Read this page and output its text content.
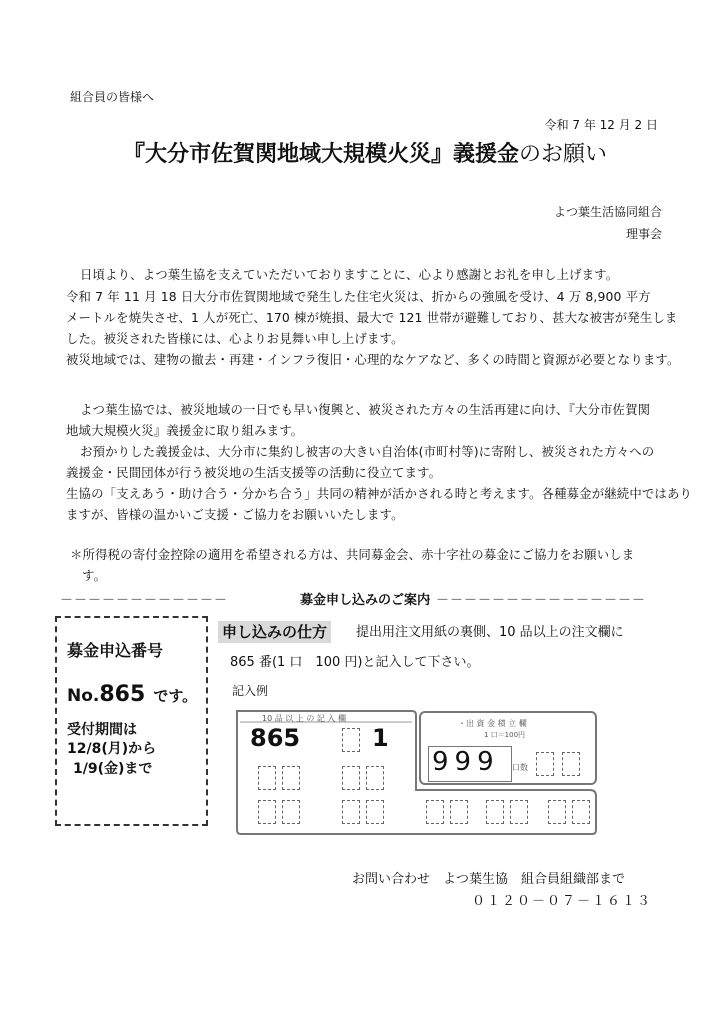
組合員の皆様へ
令和 7 年 12 月 2 日
『大分市佐賀関地域大規模火災』義援金のお願い
よつ葉生活協同組合
理事会
日頃より、よつ葉生協を支えていただいておりますことに、心より感謝とお礼を申し上げます。
令和 7 年 11 月 18 日大分市佐賀関地域で発生した住宅火災は、折からの強風を受け、4 万 8,900 平方
メートルを焼失させ、1 人が死亡、170 棟が焼損、最大で 121 世帯が避難しており、甚大な被害が発生しま
した。被災された皆様には、心よりお見舞い申し上げます。
被災地域では、建物の撤去・再建・インフラ復旧・心理的なケアなど、多くの時間と資源が必要となります。
よつ葉生協では、被災地域の一日でも早い復興と、被災された方々の生活再建に向け、『大分市佐賀関
地域大規模火災』義援金に取り組みます。
お預かりした義援金は、大分市に集約し被害の大きい自治体(市町村等)に寄附し、被災された方々への
義援金・民間団体が行う被災地の生活支援等の活動に役立てます。
生協の「支えあう・助け合う・分かち合う」共同の精神が活かされる時と考えます。各種募金が継続中ではあり
ますが、皆様の温かいご支援・ご協力をお願いいたします。
＊所得税の寄付金控除の適用を希望される方は、共同募金会、赤十字社の募金にご協力をお願いしま
す。
－－－－－－－－－－－－	募金申し込みのご案内
・－－－－－－－－－－－－－－－
募金申込番号
No.865 です。
受付期間は
12/8(月)から
1/9(金)まで
申し込みの仕方	提出用注文用紙の裏側、10 品以上の注文欄に
865 番(1 口　100 円)と記入して下さい。
記入例
10 品 以 上 の 記 入 欄
865	1
・出 資 金 積 立 欄
1 口＝100円
999 口数
お問い合わせ　よつ葉生協　組合員組織部まで
０１２０－０７－１６１３
